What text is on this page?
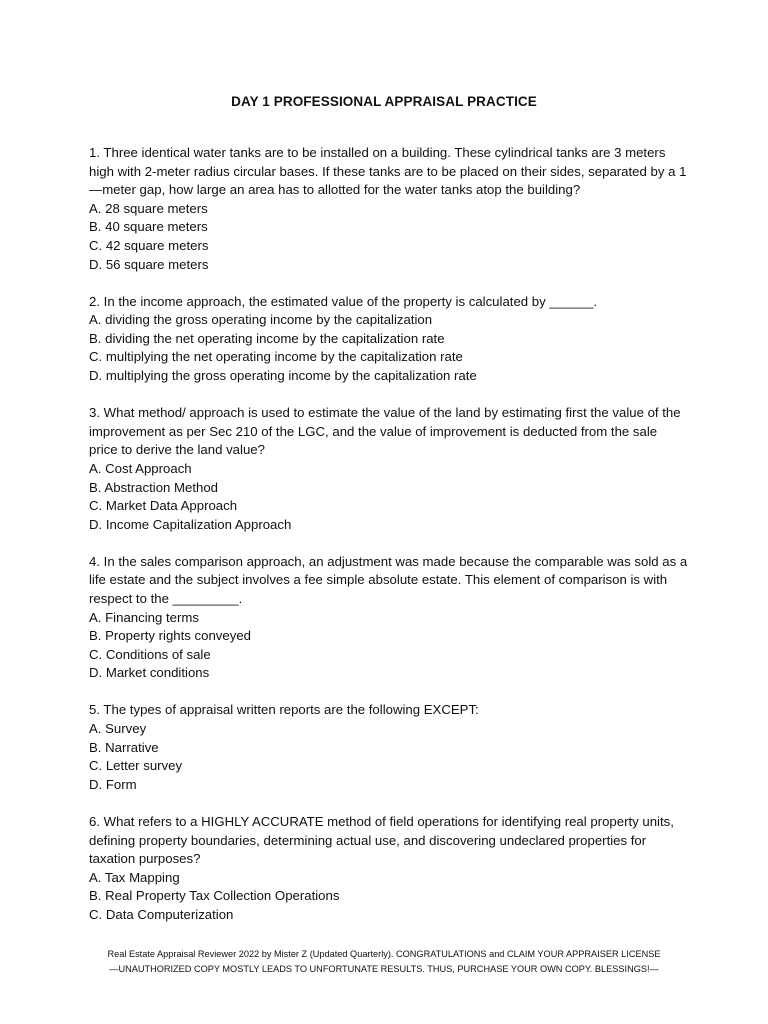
DAY 1 PROFESSIONAL APPRAISAL PRACTICE
1. Three identical water tanks are to be installed on a building. These cylindrical tanks are 3 meters high with 2-meter radius circular bases. If these tanks are to be placed on their sides, separated by a 1—meter gap, how large an area has to allotted for the water tanks atop the building?
A. 28 square meters
B. 40 square meters
C. 42 square meters
D. 56 square meters
2. In the income approach, the estimated value of the property is calculated by ______.
A. dividing the gross operating income by the capitalization
B. dividing the net operating income by the capitalization rate
C. multiplying the net operating income by the capitalization rate
D. multiplying the gross operating income by the capitalization rate
3. What method/ approach is used to estimate the value of the land by estimating first the value of the improvement as per Sec 210 of the LGC, and the value of improvement is deducted from the sale price to derive the land value?
A. Cost Approach
B. Abstraction Method
C. Market Data Approach
D. Income Capitalization Approach
4. In the sales comparison approach, an adjustment was made because the comparable was sold as a life estate and the subject involves a fee simple absolute estate. This element of comparison is with respect to the _________.
A. Financing terms
B. Property rights conveyed
C. Conditions of sale
D. Market conditions
5. The types of appraisal written reports are the following EXCEPT:
A. Survey
B. Narrative
C. Letter survey
D. Form
6. What refers to a HIGHLY ACCURATE method of field operations for identifying real property units, defining property boundaries, determining actual use, and discovering undeclared properties for taxation purposes?
A. Tax Mapping
B. Real Property Tax Collection Operations
C. Data Computerization
Real Estate Appraisal Reviewer 2022 by Mister Z (Updated Quarterly). CONGRATULATIONS and CLAIM YOUR APPRAISER LICENSE
—UNAUTHORIZED COPY MOSTLY LEADS TO UNFORTUNATE RESULTS. THUS, PURCHASE YOUR OWN COPY. BLESSINGS!—
